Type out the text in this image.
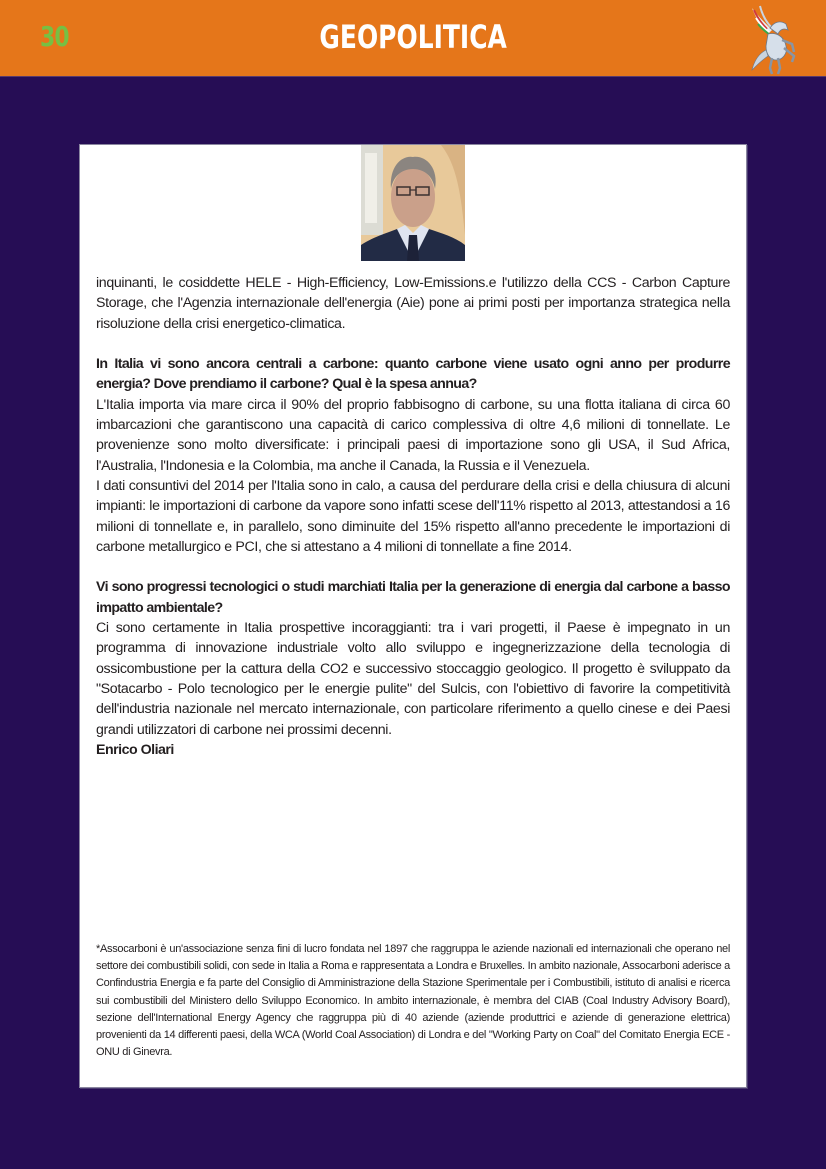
30	GEOPOLITICA

inquinanti, le cosiddette HELE - High-Efficiency, Low-Emissions.e l'utilizzo della CCS - Carbon Capture Storage, che l'Agenzia internazionale dell'energia (Aie) pone ai primi posti per importanza strategica nella risoluzione della crisi energetico-climatica.

In Italia vi sono ancora centrali a carbone: quanto carbone viene usato ogni anno per produrre energia? Dove prendiamo il carbone? Qual è la spesa annua?

L'Italia importa via mare circa il 90% del proprio fabbisogno di carbone, su una flotta italiana di circa 60 imbarcazioni che garantiscono una capacità di carico complessiva di oltre 4,6 milioni di tonnellate. Le provenienze sono molto diversificate: i principali paesi di importazione sono gli USA, il Sud Africa, l'Australia, l'Indonesia e la Colombia, ma anche il Canada, la Russia e il Venezuela.

I dati consuntivi del 2014 per l'Italia sono in calo, a causa del perdurare della crisi e della chiusura di alcuni impianti: le importazioni di carbone da vapore sono infatti scese dell'11% rispetto al 2013, attestandosi a 16 milioni di tonnellate e, in parallelo, sono diminuite del 15% rispetto all'anno precedente le importazioni di carbone metallurgico e PCI, che si attestano a 4 milioni di tonnellate a fine 2014.

Vi sono progressi tecnologici o studi marchiati Italia per la generazione di energia dal carbone a basso impatto ambientale?

Ci sono certamente in Italia prospettive incoraggianti: tra i vari progetti, il Paese è impegnato in un programma di innovazione industriale volto allo sviluppo e ingegnerizzazione della tecnologia di ossicombustione per la cattura della CO2 e successivo stoccaggio geologico. Il progetto è sviluppato da "Sotacarbo - Polo tecnologico per le energie pulite" del Sulcis, con l'obiettivo di favorire la competitività dell'industria nazionale nel mercato internazionale, con particolare riferimento a quello cinese e dei Paesi grandi utilizzatori di carbone nei prossimi decenni.

Enrico Oliari

*Assocarboni è un'associazione senza fini di lucro fondata nel 1897 che raggruppa le aziende nazionali ed internazionali che operano nel settore dei combustibili solidi, con sede in Italia a Roma e rappresentata a Londra e Bruxelles. In ambito nazionale, Assocarboni aderisce a Confindustria Energia e fa parte del Consiglio di Amministrazione della Stazione Sperimentale per i Combustibili, istituto di analisi e ricerca sui combustibili del Ministero dello Sviluppo Economico. In ambito internazionale, è membra del CIAB (Coal Industry Advisory Board), sezione dell'International Energy Agency che raggruppa più di 40 aziende (aziende produttrici e aziende di generazione elettrica) provenienti da 14 differenti paesi, della WCA (World Coal Association) di Londra e del "Working Party on Coal" del Comitato Energia ECE - ONU di Ginevra.
